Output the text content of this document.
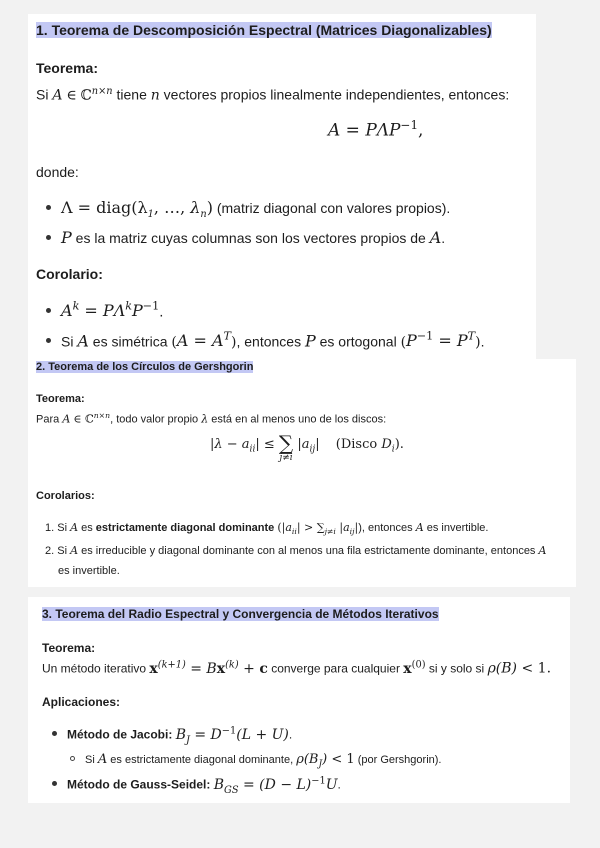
1. Teorema de Descomposición Espectral (Matrices Diagonalizables)
Teorema:
Si A ∈ ℂ$^{n\times n}$ tiene n vectores propios linealmente independientes, entonces:
$A = P\Lambda P^{-1}$,
donde:
$\Lambda = diag(\lambda_1$, …, $\lambda_n$) (matriz diagonal con valores propios).
P es la matriz cuyas columnas son los vectores propios de A.
Corolario:
$A^k = P\Lambda^kP^{-1}$.
Si A es simétrica $(A = A^T)$, entonces P es ortogonal $(P^{-1} = P^T)$.
2. Teorema de los Círculos de Gershgorin
Teorema:
Para A ∈ ℂ$^{n\times n}$, todo valor propio λ está en al menos uno de los discos:
$|\lambda - a_{ii}|$ ≤ ∑
j≠i
$|a_{ij}|$ (Disco $D_i$).
Corolarios:
1. Si A es estrictamente diagonal dominante ($|a_{ii}| > \sum_{j\ne i}$ $|a_{ij}|$), entonces A es invertible.
2. Si A es irreducible y diagonal dominante con al menos una fila estrictamente dominante, entonces A
es invertible.
3. Teorema del Radio Espectral y Convergencia de Métodos Iterativos
Teorema:
Un método iterativo $x^{(k+1)} = Bx^{(k)} + c$ converge para cualquier $x^{(0)}$ si y solo si ρ(B) < 1.
Aplicaciones:
Método de Jacobi: $B_J = D^{-1}(L + U)$.
Si A es estrictamente diagonal dominante, $\rho(B_J) < 1$ (por Gershgorin).
Método de Gauss-Seidel: $B_{GS} = (D - L)^{-1}U$.
